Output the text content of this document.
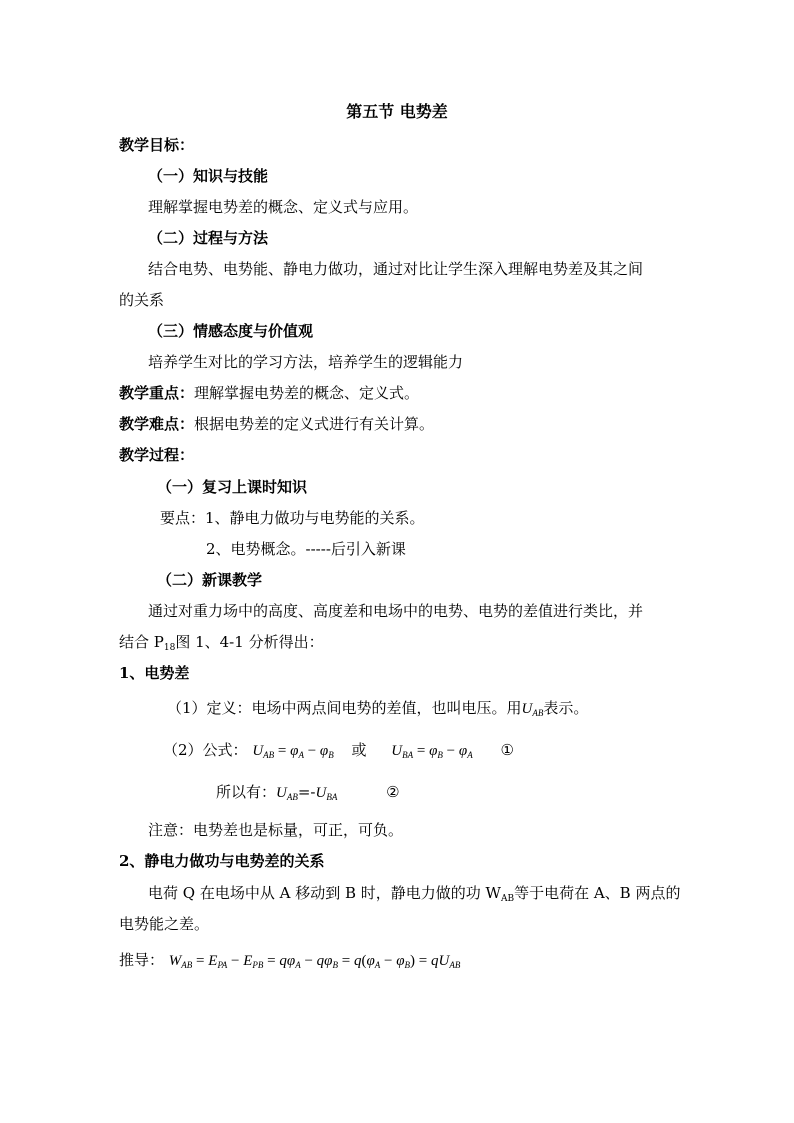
第五节 电势差
教学目标：
（一）知识与技能
理解掌握电势差的概念、定义式与应用。
（二）过程与方法
结合电势、电势能、静电力做功，通过对比让学生深入理解电势差及其之间
的关系
（三）情感态度与价值观
培养学生对比的学习方法，培养学生的逻辑能力
教学重点：理解掌握电势差的概念、定义式。
教学难点：根据电势差的定义式进行有关计算。
教学过程：
（一）复习上课时知识
要点：1、静电力做功与电势能的关系。
2、电势概念。-----后引入新课
（二）新课教学
通过对重力场中的高度、高度差和电场中的电势、电势的差值进行类比，并
结合 $P_{18}$图 1、4-1 分析得出：
1、电势差
（1）定义：电场中两点间电势的差值，也叫电压。用$U_{AB}$表示。
（2）公式： $U_{AB} = \varphi_A - \varphi_B$ 或 $U_{BA} = \varphi_B - \varphi_A$ ①
所以有：$U_{AB}=-U_{BA}$	②
注意：电势差也是标量，可正，可负。
2、静电力做功与电势差的关系
电荷 Q 在电场中从 A 移动到 B 时，静电力做的功 $W_{AB}$等于电荷在 A、B 两点的
电势能之差。
推导： $W_{AB} = E_{PA} - E_{PB} = q\varphi_A - q\varphi_B = q(\varphi_A - \varphi_B) = qU_{AB}$
